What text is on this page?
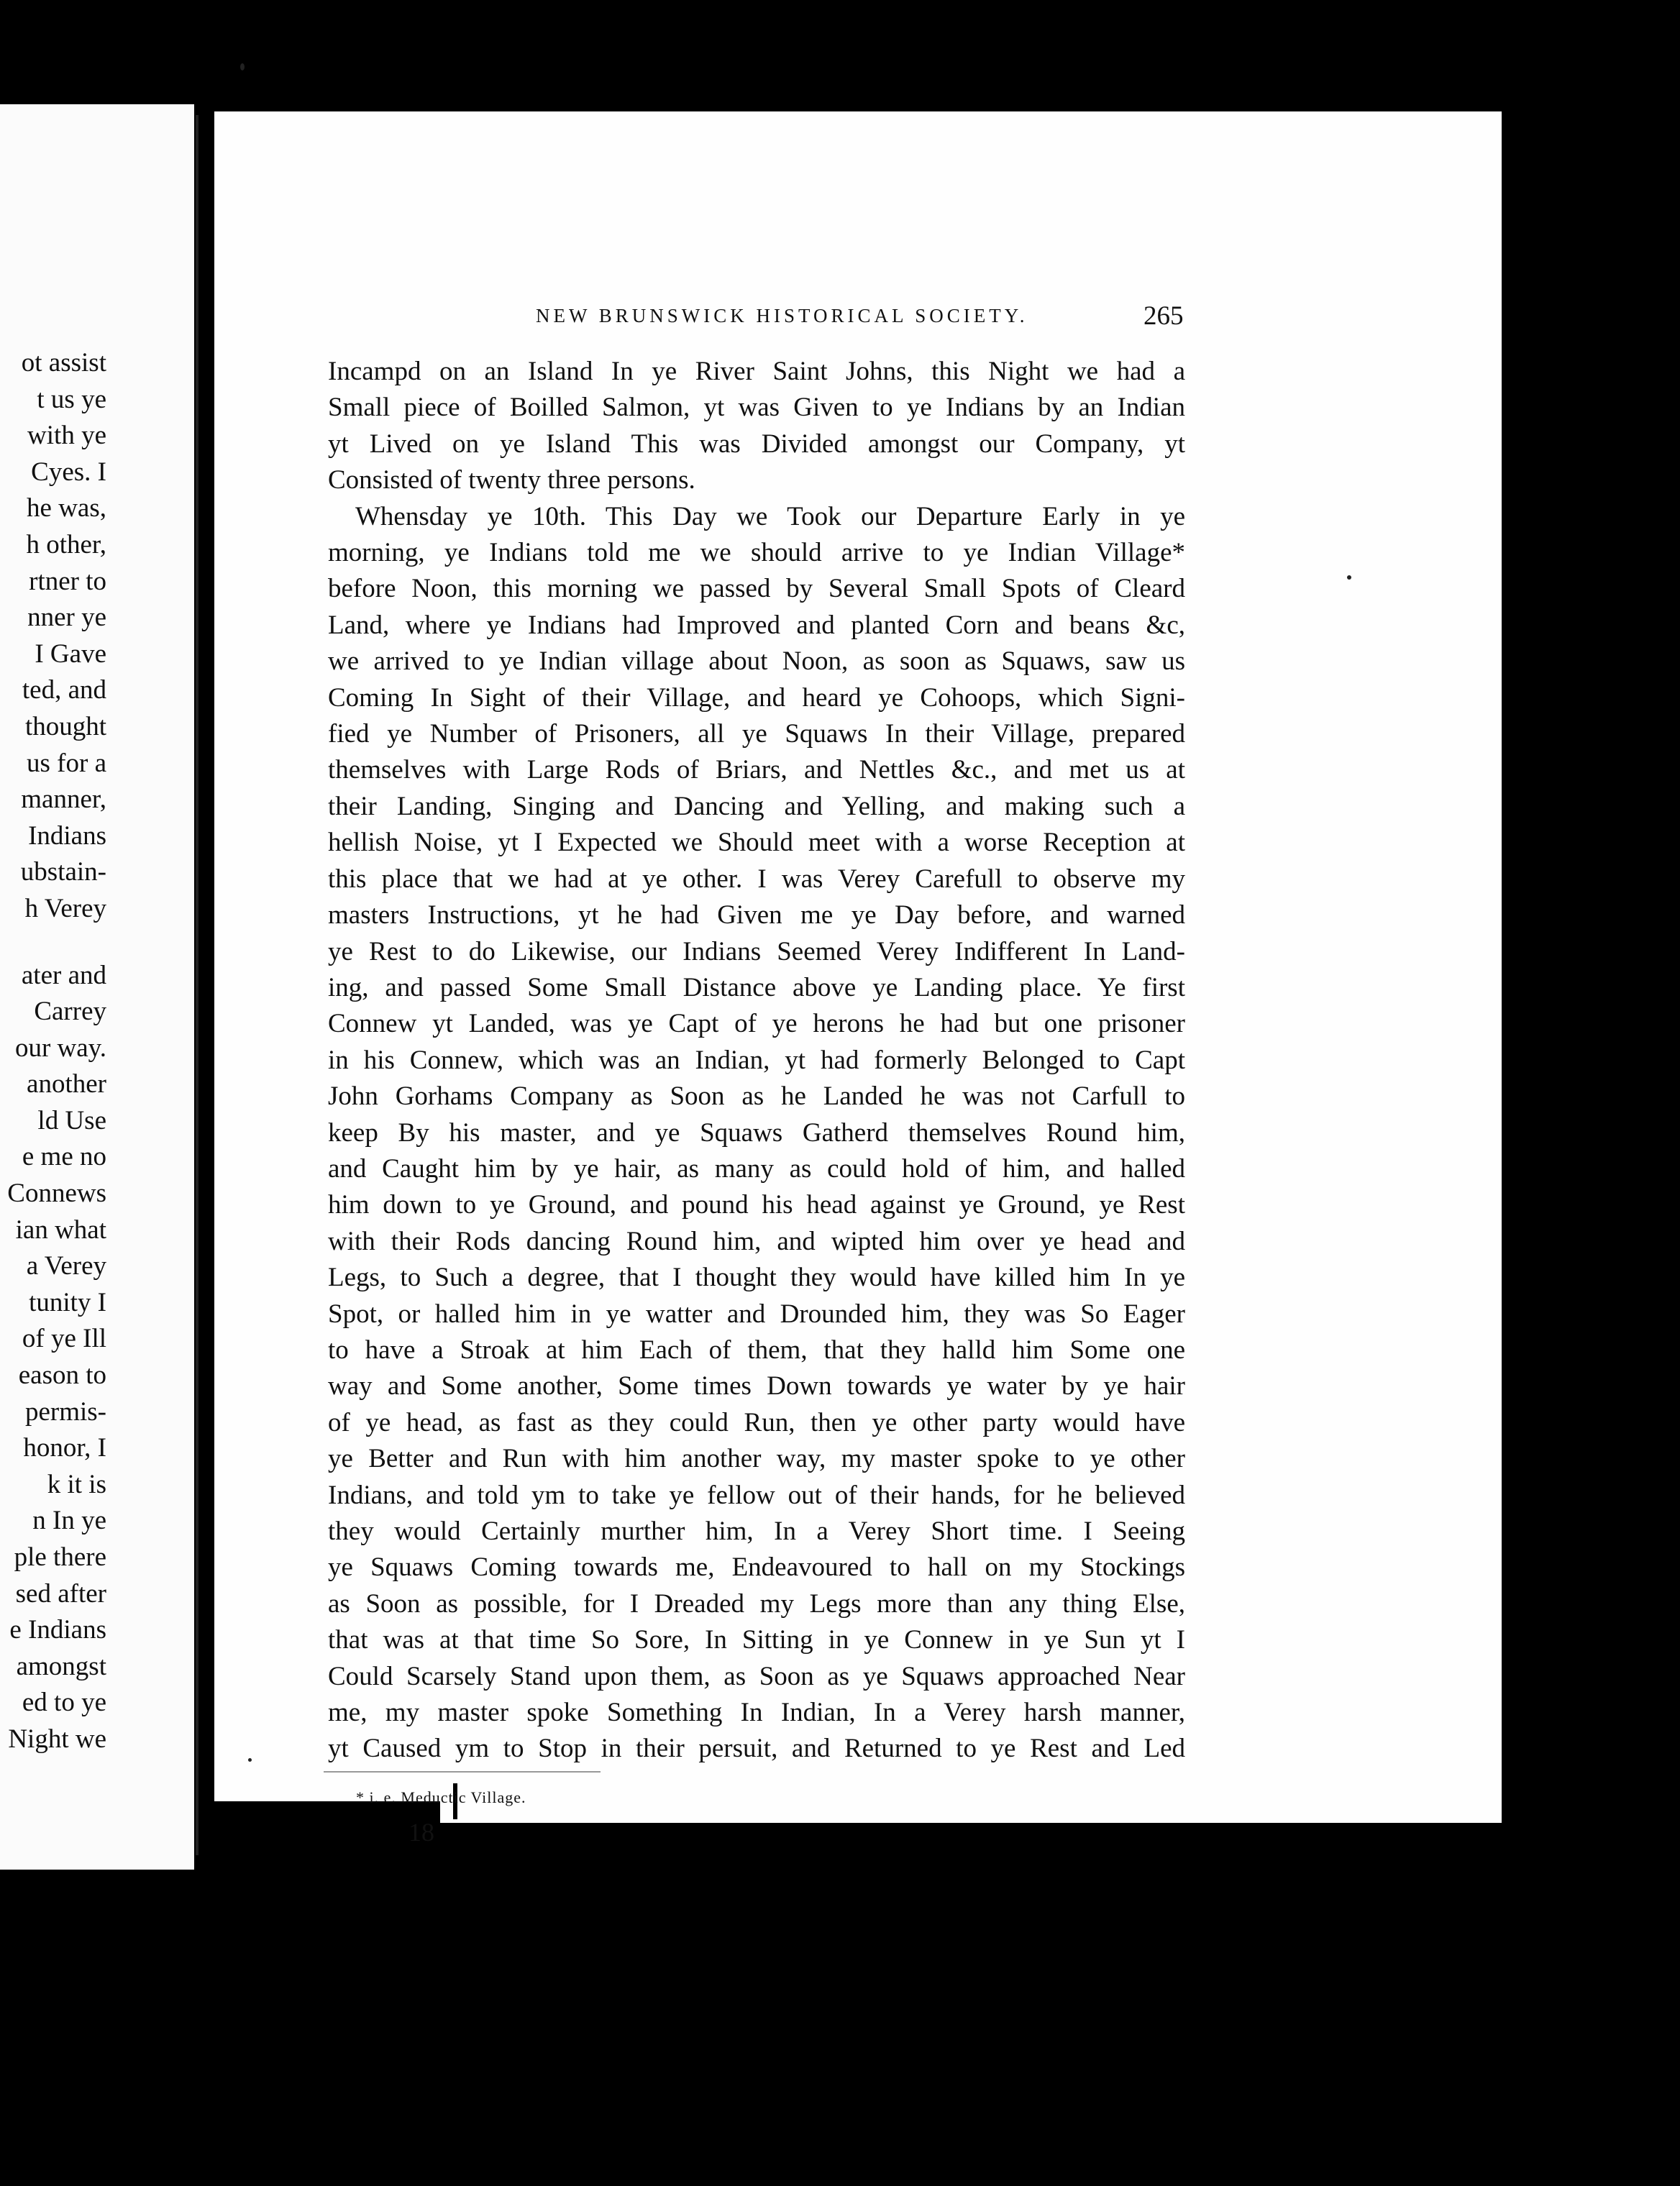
ot assist
t us ye
with ye
Cyes. I
he was,
h other,
rtner to
nner ye
I Gave
ted, and
thought
us for a
manner,
Indians
ubstain-
h Verey
ater and
Carrey
our way.
another
ld Use
e me no
Connews
ian what
a Verey
tunity I
of ye Ill
eason to
permis-
honor, I
k it is
n In ye
ple there
sed after
e Indians
amongst
ed to ye
Night we
NEW BRUNSWICK HISTORICAL SOCIETY.	265
Incampd on an Island In ye River Saint Johns, this Night we had a
Small piece of Boilled Salmon, yt was Given to ye Indians by an Indian
yt Lived on ye Island This was Divided amongst our Company, yt
Consisted of twenty three persons.
Whensday ye 10th. This Day we Took our Departure Early in ye
morning, ye Indians told me we should arrive to ye Indian Village*
before Noon, this morning we passed by Several Small Spots of Cleard
Land, where ye Indians had Improved and planted Corn and beans &c,
we arrived to ye Indian village about Noon, as soon as Squaws, saw us
Coming In Sight of their Village, and heard ye Cohoops, which Signi-
fied ye Number of Prisoners, all ye Squaws In their Village, prepared
themselves with Large Rods of Briars, and Nettles &c., and met us at
their Landing, Singing and Dancing and Yelling, and making such a
hellish Noise, yt I Expected we Should meet with a worse Reception at
this place that we had at ye other. I was Verey Carefull to observe my
masters Instructions, yt he had Given me ye Day before, and warned
ye Rest to do Likewise, our Indians Seemed Verey Indifferent In Land-
ing, and passed Some Small Distance above ye Landing place. Ye first
Connew yt Landed, was ye Capt of ye herons he had but one prisoner
in his Connew, which was an Indian, yt had formerly Belonged to Capt
John Gorhams Company as Soon as he Landed he was not Carfull to
keep By his master, and ye Squaws Gatherd themselves Round him,
and Caught him by ye hair, as many as could hold of him, and halled
him down to ye Ground, and pound his head against ye Ground, ye Rest
with their Rods dancing Round him, and wipted him over ye head and
Legs, to Such a degree, that I thought they would have killed him In ye
Spot, or halled him in ye watter and Drounded him, they was So Eager
to have a Stroak at him Each of them, that they halld him Some one
way and Some another, Some times Down towards ye water by ye hair
of ye head, as fast as they could Run, then ye other party would have
ye Better and Run with him another way, my master spoke to ye other
Indians, and told ym to take ye fellow out of their hands, for he believed
they would Certainly murther him, In a Verey Short time. I Seeing
ye Squaws Coming towards me, Endeavoured to hall on my Stockings
as Soon as possible, for I Dreaded my Legs more than any thing Else,
that was at that time So Sore, In Sitting in ye Connew in ye Sun yt I
Could Scarsely Stand upon them, as Soon as ye Squaws approached Near
me, my master spoke Something In Indian, In a Verey harsh manner,
yt Caused ym to Stop in their persuit, and Returned to ye Rest and Led
* i. e. Meductic Village.
18
